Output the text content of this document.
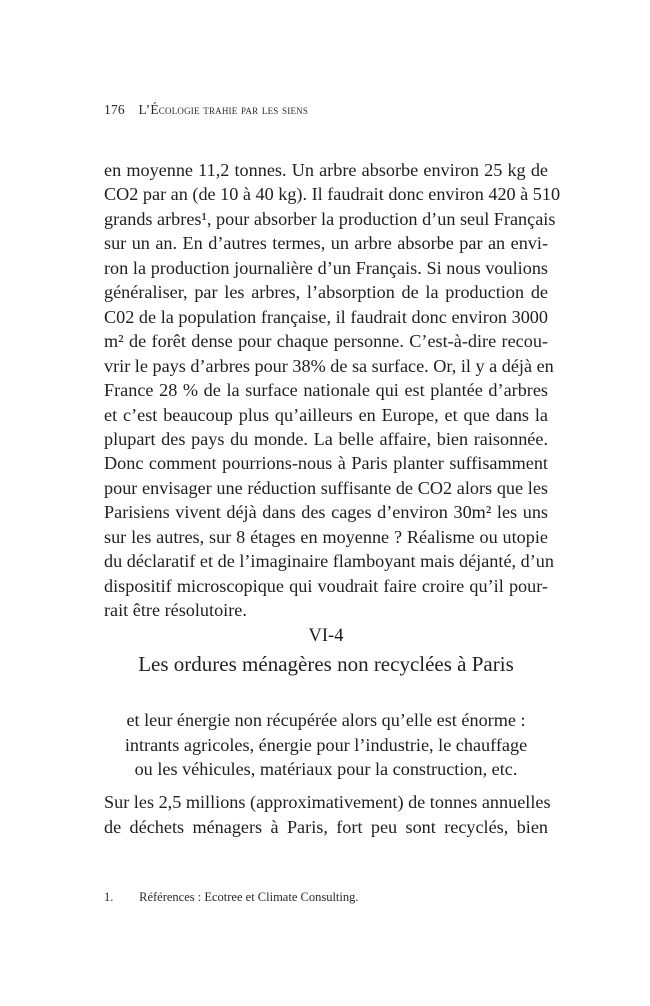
176 L’Écologie trahie par les siens

en moyenne 11,2 tonnes. Un arbre absorbe environ 25 kg de
CO2 par an (de 10 à 40 kg). Il faudrait donc environ 420 à 510
grands arbres¹, pour absorber la production d’un seul Français
sur un an. En d’autres termes, un arbre absorbe par an envi-
ron la production journalière d’un Français. Si nous voulions
généraliser, par les arbres, l’absorption de la production de
C02 de la population française, il faudrait donc environ 3000
m² de forêt dense pour chaque personne. C’est-à-dire recou-
vrir le pays d’arbres pour 38% de sa surface. Or, il y a déjà en
France 28 % de la surface nationale qui est plantée d’arbres
et c’est beaucoup plus qu’ailleurs en Europe, et que dans la
plupart des pays du monde. La belle affaire, bien raisonnée.
Donc comment pourrions-nous à Paris planter suffisamment
pour envisager une réduction suffisante de CO2 alors que les
Parisiens vivent déjà dans des cages d’environ 30m² les uns
sur les autres, sur 8 étages en moyenne ? Réalisme ou utopie
du déclaratif et de l’imaginaire flamboyant mais déjanté, d’un
dispositif microscopique qui voudrait faire croire qu’il pour-
rait être résolutoire.

VI-4
Les ordures ménagères non recyclées à Paris
et leur énergie non récupérée alors qu’elle est énorme :
intrants agricoles, énergie pour l’industrie, le chauffage
ou les véhicules, matériaux pour la construction, etc.
Sur les 2,5 millions (approximativement) de tonnes annuelles
de déchets ménagers à Paris, fort peu sont recyclés, bien
1. Références : Ecotree et Climate Consulting.
